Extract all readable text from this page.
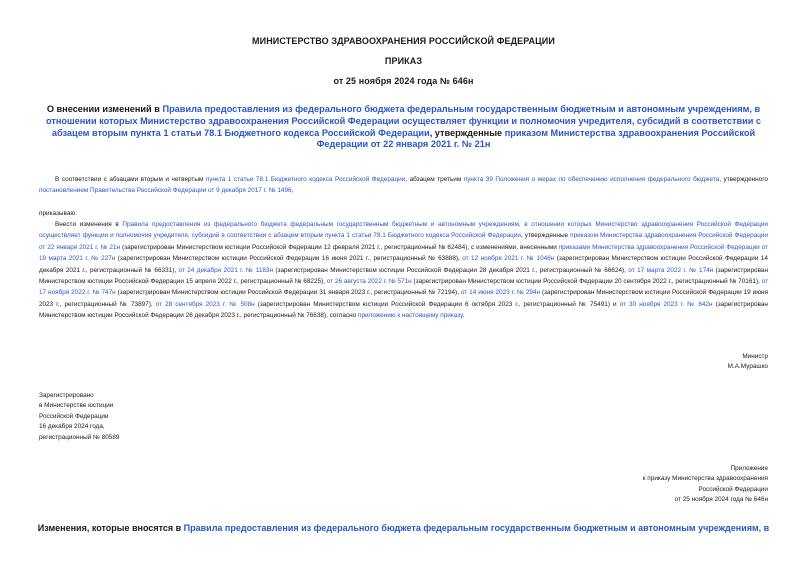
МИНИСТЕРСТВО ЗДРАВООХРАНЕНИЯ РОССИЙСКОЙ ФЕДЕРАЦИИ
ПРИКАЗ
от 25 ноября 2024 года № 646н
О внесении изменений в Правила предоставления из федерального бюджета федеральным государственным бюджетным и автономным учреждениям, в отношении которых Министерство здравоохранения Российской Федерации осуществляет функции и полномочия учредителя, субсидий в соответствии с абзацем вторым пункта 1 статьи 78.1 Бюджетного кодекса Российской Федерации, утвержденные приказом Министерства здравоохранения Российской Федерации от 22 января 2021 г. № 21н
В соответствии с абзацами вторым и четвертым пункта 1 статьи 78.1 Бюджетного кодекса Российской Федерации, абзацем третьим пункта 39 Положения о мерах по обеспечению исполнения федерального бюджета, утвержденного постановлением Правительства Российской Федерации от 9 декабря 2017 г. № 1496,
приказываю:
Внести изменения в Правила предоставления из федерального бюджета федеральным государственным бюджетным и автономным учреждениям, в отношении которых Министерство здравоохранения Российской Федерации осуществляет функции и полномочия учредителя, субсидий в соответствии с абзацем вторым пункта 1 статьи 78.1 Бюджетного кодекса Российской Федерации, утвержденные приказом Министерства здравоохранения Российской Федерации от 22 января 2021 г. № 21н (зарегистрирован Министерством юстиции Российской Федерации 12 февраля 2021 г., регистрационный № 62484), с изменениями, внесенными приказами Министерства здравоохранения Российской Федерации от 19 марта 2021 г. № 227н (зарегистрирован Министерством юстиции Российской Федерации 16 июня 2021 г., регистрационный № 63888), от 12 ноября 2021 г. № 1046н (зарегистрирован Министерством юстиции Российской Федерации 14 декабря 2021 г., регистрационный № 66331), от 24 декабря 2021 г. № 1183н (зарегистрирован Министерством юстиции Российской Федерации 28 декабря 2021 г., регистрационный № 66624), от 17 марта 2022 г. № 174н (зарегистрирован Министерством юстиции Российской Федерации 15 апреля 2022 г., регистрационный № 68225), от 26 августа 2022 г. № 571н (зарегистрирован Министерством юстиции Российской Федерации 20 сентября 2022 г., регистрационный № 70161), от 17 ноября 2022 г. № 747н (зарегистрирован Министерством юстиции Российской Федерации 31 января 2023 г., регистрационный № 72194), от 14 июня 2023 г. № 294н (зарегистрирован Министерством юстиции Российской Федерации 19 июня 2023 г., регистрационный № 73897), от 28 сентября 2023 г. № 508н (зарегистрирован Министерством юстиции Российской Федерации 6 октября 2023 г., регистрационный № 75491) и от 30 ноября 2023 г. № 642н (зарегистрирован Министерством юстиции Российской Федерации 26 декабря 2023 г., регистрационный № 76638), согласно приложению к настоящему приказу.
Министр
М.А.Мурашко
Зарегистрировано
в Министерстве юстиции
Российской Федерации
16 декабря 2024 года,
регистрационный № 80589
Приложение
к приказу Министерства здравоохранения
Российской Федерации
от 25 ноября 2024 года № 646н
Изменения, которые вносятся в Правила предоставления из федерального бюджета федеральным государственным бюджетным и автономным учреждениям, в
